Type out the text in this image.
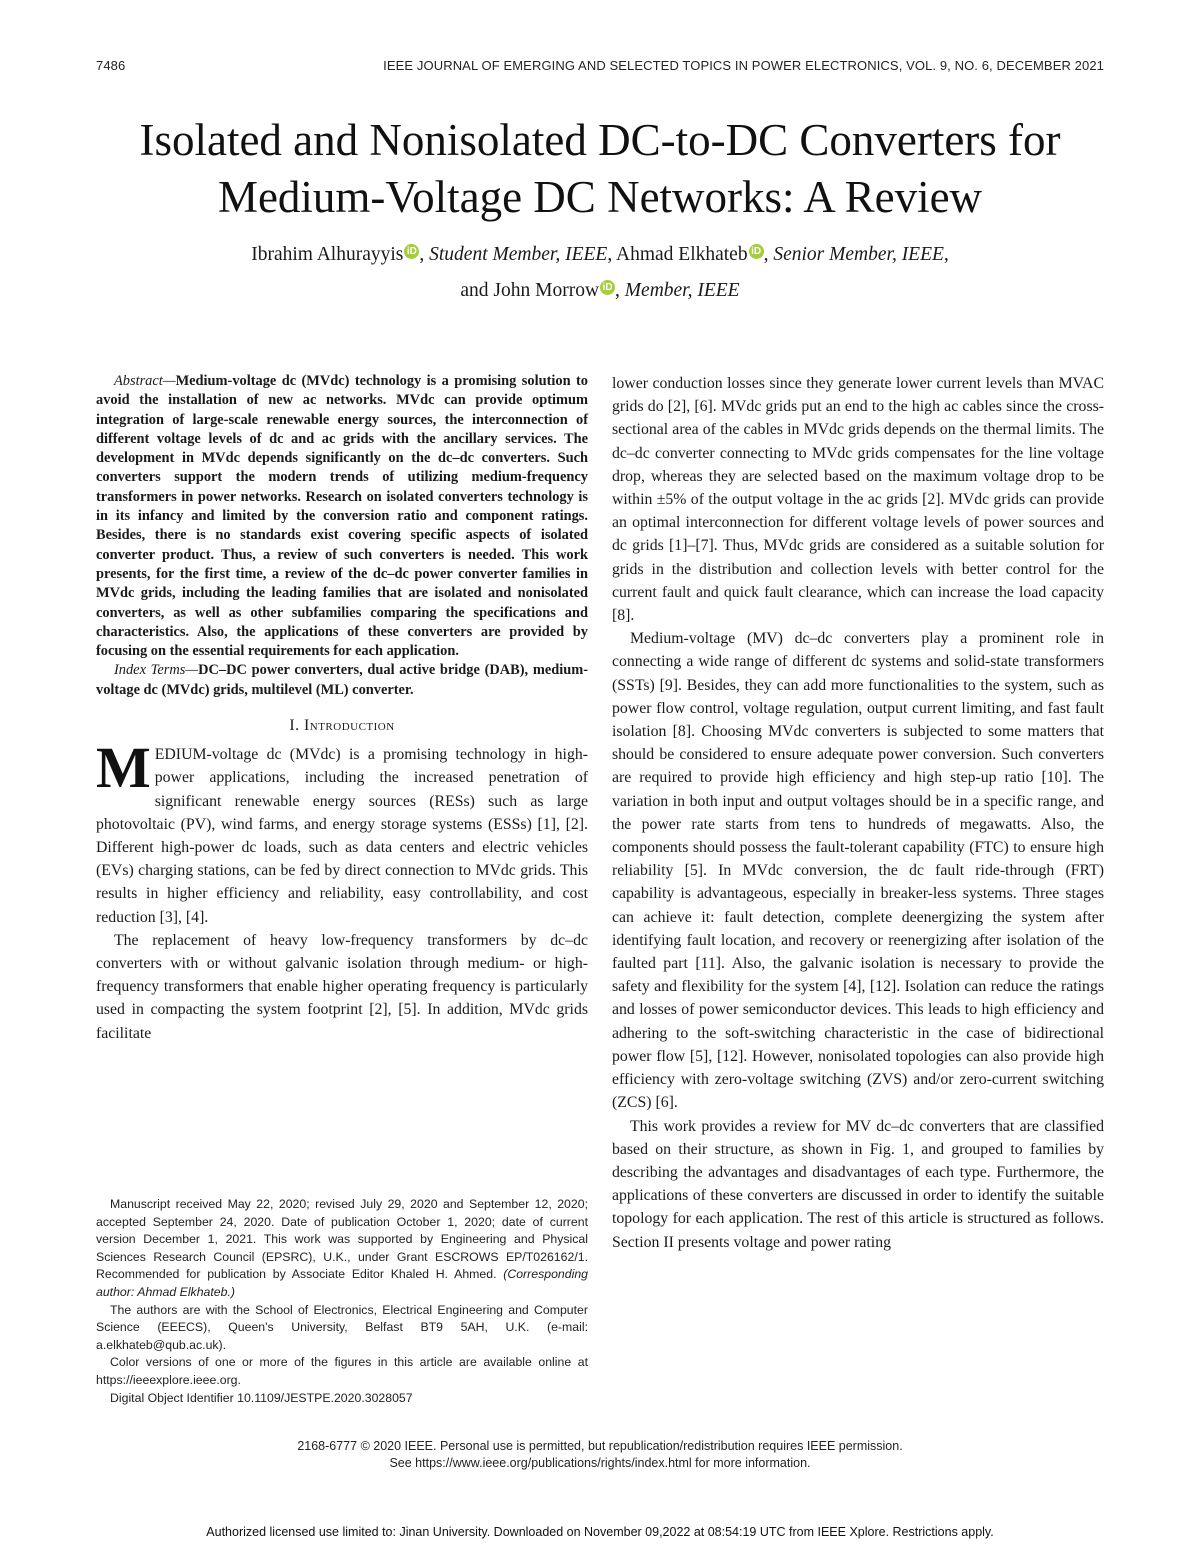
7486	IEEE JOURNAL OF EMERGING AND SELECTED TOPICS IN POWER ELECTRONICS, VOL. 9, NO. 6, DECEMBER 2021
Isolated and Nonisolated DC-to-DC Converters for
Medium-Voltage DC Networks: A Review
Ibrahim Alhurayyis iD , Student Member, IEEE, Ahmad Elkhateb iD , Senior Member, IEEE,
and John Morrow iD , Member, IEEE

Abstract—Medium-voltage dc (MVdc) technology is a promising solution to avoid the installation of new ac networks. MVdc can provide optimum integration of large-scale renewable energy sources, the interconnection of different voltage levels of dc and ac grids with the ancillary services. The development in MVdc depends significantly on the dc–dc converters. Such converters support the modern trends of utilizing medium-frequency transformers in power networks. Research on isolated converters technology is in its infancy and limited by the conversion ratio and component ratings. Besides, there is no standards exist covering specific aspects of isolated converter product. Thus, a review of such converters is needed. This work presents, for the first time, a review of the dc–dc power converter families in MVdc grids, including the leading families that are isolated and nonisolated converters, as well as other subfamilies comparing the specifications and characteristics. Also, the applications of these converters are provided by focusing on the essential requirements for each application.

Index Terms—DC–DC power converters, dual active bridge (DAB), medium-voltage dc (MVdc) grids, multilevel (ML) converter.

I. Introduction

MEDIUM-voltage dc (MVdc) is a promising technology in high-power applications, including the increased penetration of significant renewable energy sources (RESs) such as large photovoltaic (PV), wind farms, and energy storage systems (ESSs) [1], [2]. Different high-power dc loads, such as data centers and electric vehicles (EVs) charging stations, can be fed by direct connection to MVdc grids. This results in higher efficiency and reliability, easy controllability, and cost reduction [3], [4].

The replacement of heavy low-frequency transformers by dc–dc converters with or without galvanic isolation through medium- or high-frequency transformers that enable higher operating frequency is particularly used in compacting the system footprint [2], [5]. In addition, MVdc grids facilitate

Manuscript received May 22, 2020; revised July 29, 2020 and September 12, 2020; accepted September 24, 2020. Date of publication October 1, 2020; date of current version December 1, 2021. This work was supported by Engineering and Physical Sciences Research Council (EPSRC), U.K., under Grant ESCROWS EP/T026162/1. Recommended for publication by Associate Editor Khaled H. Ahmed. (Corresponding author: Ahmad Elkhateb.)

The authors are with the School of Electronics, Electrical Engineering and Computer Science (EEECS), Queen's University, Belfast BT9 5AH, U.K. (e-mail: a.elkhateb@qub.ac.uk).

Color versions of one or more of the figures in this article are available online at https://ieeexplore.ieee.org.

Digital Object Identifier 10.1109/JESTPE.2020.3028057

lower conduction losses since they generate lower current levels than MVAC grids do [2], [6]. MVdc grids put an end to the high ac cables since the cross-sectional area of the cables in MVdc grids depends on the thermal limits. The dc–dc converter connecting to MVdc grids compensates for the line voltage drop, whereas they are selected based on the maximum voltage drop to be within ±5% of the output voltage in the ac grids [2]. MVdc grids can provide an optimal interconnection for different voltage levels of power sources and dc grids [1]–[7]. Thus, MVdc grids are considered as a suitable solution for grids in the distribution and collection levels with better control for the current fault and quick fault clearance, which can increase the load capacity [8].

Medium-voltage (MV) dc–dc converters play a prominent role in connecting a wide range of different dc systems and solid-state transformers (SSTs) [9]. Besides, they can add more functionalities to the system, such as power flow control, voltage regulation, output current limiting, and fast fault isolation [8]. Choosing MVdc converters is subjected to some matters that should be considered to ensure adequate power conversion. Such converters are required to provide high efficiency and high step-up ratio [10]. The variation in both input and output voltages should be in a specific range, and the power rate starts from tens to hundreds of megawatts. Also, the components should possess the fault-tolerant capability (FTC) to ensure high reliability [5]. In MVdc conversion, the dc fault ride-through (FRT) capability is advantageous, especially in breaker-less systems. Three stages can achieve it: fault detection, complete deenergizing the system after identifying fault location, and recovery or reenergizing after isolation of the faulted part [11]. Also, the galvanic isolation is necessary to provide the safety and flexibility for the system [4], [12]. Isolation can reduce the ratings and losses of power semiconductor devices. This leads to high efficiency and adhering to the soft-switching characteristic in the case of bidirectional power flow [5], [12]. However, nonisolated topologies can also provide high efficiency with zero-voltage switching (ZVS) and/or zero-current switching (ZCS) [6].

This work provides a review for MV dc–dc converters that are classified based on their structure, as shown in Fig. 1, and grouped to families by describing the advantages and disadvantages of each type. Furthermore, the applications of these converters are discussed in order to identify the suitable topology for each application. The rest of this article is structured as follows. Section II presents voltage and power rating

2168-6777 © 2020 IEEE. Personal use is permitted, but republication/redistribution requires IEEE permission.
See https://www.ieee.org/publications/rights/index.html for more information.
Authorized licensed use limited to: Jinan University. Downloaded on November 09,2022 at 08:54:19 UTC from IEEE Xplore. Restrictions apply.
